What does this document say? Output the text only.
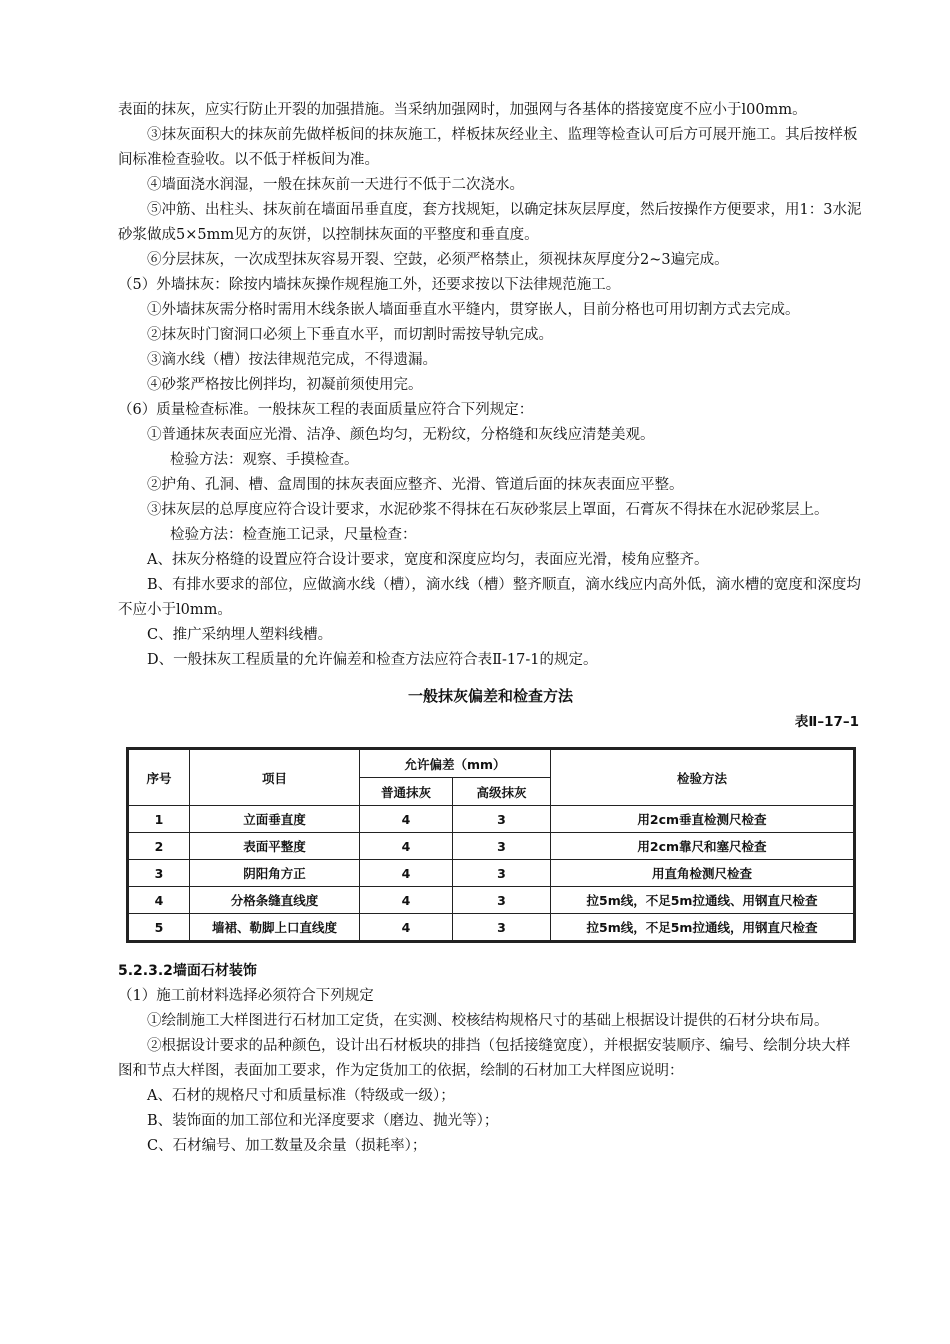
表面的抹灰，应实行防止开裂的加强措施。当采纳加强网时，加强网与各基体的搭接宽度不应小于l00mm。

③抹灰面积大的抹灰前先做样板间的抹灰施工，样板抹灰经业主、监理等检查认可后方可展开施工。其后按样板间标准检查验收。以不低于样板间为准。

④墙面浇水润湿，一般在抹灰前一天进行不低于二次浇水。

⑤冲筋、出柱头、抹灰前在墙面吊垂直度，套方找规矩，以确定抹灰层厚度，然后按操作方便要求，用1：3水泥砂浆做成5×5mm见方的灰饼，以控制抹灰面的平整度和垂直度。

⑥分层抹灰，一次成型抹灰容易开裂、空鼓，必须严格禁止，须视抹灰厚度分2~3遍完成。

（5）外墙抹灰：除按内墙抹灰操作规程施工外，还要求按以下法律规范施工。

①外墙抹灰需分格时需用木线条嵌人墙面垂直水平缝内，贯穿嵌人，目前分格也可用切割方式去完成。

②抹灰时门窗洞口必须上下垂直水平，而切割时需按导轨完成。

③滴水线（槽）按法律规范完成，不得遗漏。

④砂浆严格按比例拌均，初凝前须使用完。

（6）质量检查标准。一般抹灰工程的表面质量应符合下列规定：

①普通抹灰表面应光滑、洁净、颜色均匀，无粉纹，分格缝和灰线应清楚美观。

检验方法：观察、手摸检查。

②护角、孔洞、槽、盒周围的抹灰表面应整齐、光滑、管道后面的抹灰表面应平整。

③抹灰层的总厚度应符合设计要求，水泥砂浆不得抹在石灰砂浆层上罩面，石膏灰不得抹在水泥砂浆层上。

检验方法：检查施工记录，尺量检查：

A、抹灰分格缝的设置应符合设计要求，宽度和深度应均匀，表面应光滑，棱角应整齐。

B、有排水要求的部位，应做滴水线（槽），滴水线（槽）整齐顺直，滴水线应内高外低，滴水槽的宽度和深度均不应小于l0mm。

C、推广采纳埋人塑料线槽。

D、一般抹灰工程质量的允许偏差和检查方法应符合表Ⅱ-17-1的规定。

一般抹灰偏差和检查方法
表Ⅱ–17–1
序号	项目	允许偏差（mm）		检验方法
		普通抹灰	高级抹灰	
1	立面垂直度	4	3	用2cm垂直检测尺检查
2	表面平整度	4	3	用2cm靠尺和塞尺检查
3	阴阳角方正	4	3	用直角检测尺检查
4	分格条缝直线度	4	3	拉5m线，不足5m拉通线、用钢直尺检查
5	墙裙、勒脚上口直线度	4	3	拉5m线，不足5m拉通线，用钢直尺检查
5.2.3.2墙面石材装饰

（1）施工前材料选择必须符合下列规定

①绘制施工大样图进行石材加工定货，在实测、校核结构规格尺寸的基础上根据设计提供的石材分块布局。

②根据设计要求的品种颜色，设计出石材板块的排挡（包括接缝宽度），并根据安装顺序、编号、绘制分块大样图和节点大样图，表面加工要求，作为定货加工的依据，绘制的石材加工大样图应说明：

A、石材的规格尺寸和质量标准（特级或一级）；

B、装饰面的加工部位和光泽度要求（磨边、抛光等）；

C、石材编号、加工数量及余量（损耗率）；
